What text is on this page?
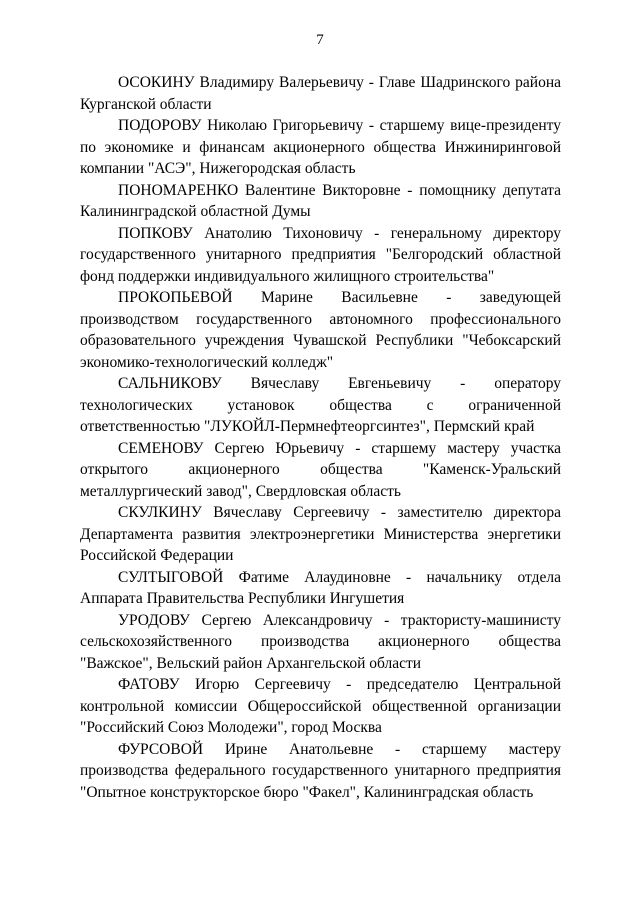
7

ОСОКИНУ Владимиру Валерьевичу - Главе Шадринского района Курганской области

ПОДОРОВУ Николаю Григорьевичу - старшему вице-президенту по экономике и финансам акционерного общества Инжиниринговой компании "АСЭ", Нижегородская область

ПОНОМАРЕНКО Валентине Викторовне - помощнику депутата Калининградской областной Думы

ПОПКОВУ Анатолию Тихоновичу - генеральному директору государственного унитарного предприятия "Белгородский областной фонд поддержки индивидуального жилищного строительства"

ПРОКОПЬЕВОЙ Марине Васильевне - заведующей производством государственного автономного профессионального образовательного учреждения Чувашской Республики "Чебоксарский экономико-технологический колледж"

САЛЬНИКОВУ Вячеславу Евгеньевичу - оператору технологических установок общества с ограниченной ответственностью "ЛУКОЙЛ-Пермнефтеоргсинтез", Пермский край

СЕМЕНОВУ Сергею Юрьевичу - старшему мастеру участка открытого акционерного общества "Каменск-Уральский металлургический завод", Свердловская область

СКУЛКИНУ Вячеславу Сергеевичу - заместителю директора Департамента развития электроэнергетики Министерства энергетики Российской Федерации

СУЛТЫГОВОЙ Фатиме Алаудиновне - начальнику отдела Аппарата Правительства Республики Ингушетия

УРОДОВУ Сергею Александровичу - трактористу-машинисту сельскохозяйственного производства акционерного общества "Важское", Вельский район Архангельской области

ФАТОВУ Игорю Сергеевичу - председателю Центральной контрольной комиссии Общероссийской общественной организации "Российский Союз Молодежи", город Москва

ФУРСОВОЙ Ирине Анатольевне - старшему мастеру производства федерального государственного унитарного предприятия "Опытное конструкторское бюро "Факел", Калининградская область
